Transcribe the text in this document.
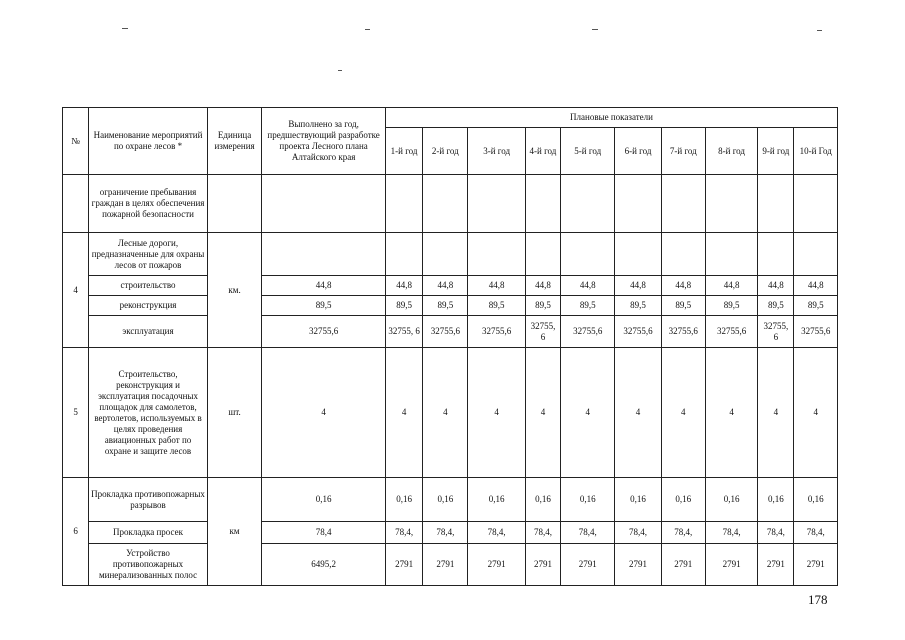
№	Наименование мероприятий по охране лесов *	Единица измерения	Выполнено за год, предшествующий разработке проекта Лесного плана Алтайского края	Плановые показатели									
				1-й год	2-й год	3-й год	4-й год	5-й год	6-й год	7-й год	8-й год	9-й год	10-й Год
	ограничение пребывания граждан в целях обеспечения пожарной безопасности												
4	Лесные дороги, предназначенные для охраны лесов от пожаров	км.											
	строительство		44,8	44,8	44,8	44,8	44,8	44,8	44,8	44,8	44,8	44,8	44,8
	реконструкция		89,5	89,5	89,5	89,5	89,5	89,5	89,5	89,5	89,5	89,5	89,5
	эксплуатация		32755,6	32755, 6	32755,6	32755,6	32755, 6	32755,6	32755,6	32755,6	32755,6	32755, 6	32755,6
5	Строительство, реконструкция и эксплуатация посадочных площадок для самолетов, вертолетов, используемых в целях проведения авиационных работ по охране и защите лесов	шт.	4	4	4	4	4	4	4	4	4	4	4
6	Прокладка противопожарных разрывов	км	0,16	0,16	0,16	0,16	0,16	0,16	0,16	0,16	0,16	0,16	0,16
	Прокладка просек		78,4	78,4,	78,4,	78,4,	78,4,	78,4,	78,4,	78,4,	78,4,	78,4,	78,4,
	Устройство противопожарных минерализованных полос		6495,2	2791	2791	2791	2791	2791	2791	2791	2791	2791	2791
178
